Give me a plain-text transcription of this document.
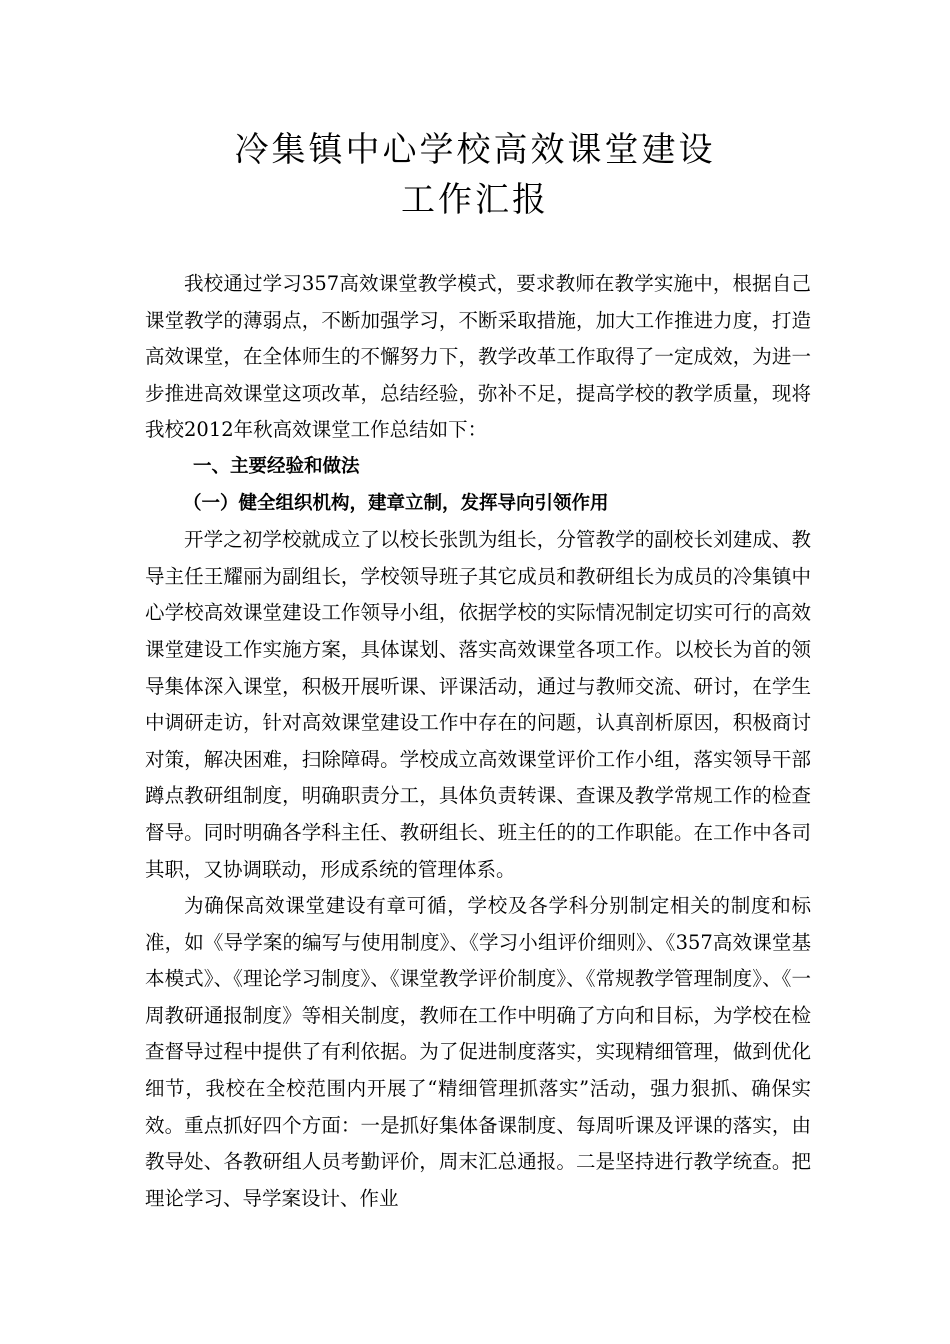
冷集镇中心学校高效课堂建设
工作汇报

我校通过学习357高效课堂教学模式，要求教师在教学实施中，根据自己课堂教学的薄弱点，不断加强学习，不断采取措施，加大工作推进力度，打造高效课堂，在全体师生的不懈努力下，教学改革工作取得了一定成效，为进一步推进高效课堂这项改革，总结经验，弥补不足，提高学校的教学质量，现将我校2012年秋高效课堂工作总结如下：

一、主要经验和做法
（一）健全组织机构，建章立制，发挥导向引领作用

开学之初学校就成立了以校长张凯为组长，分管教学的副校长刘建成、教导主任王耀丽为副组长，学校领导班子其它成员和教研组长为成员的冷集镇中心学校高效课堂建设工作领导小组，依据学校的实际情况制定切实可行的高效课堂建设工作实施方案，具体谋划、落实高效课堂各项工作。以校长为首的领导集体深入课堂，积极开展听课、评课活动，通过与教师交流、研讨，在学生中调研走访，针对高效课堂建设工作中存在的问题，认真剖析原因，积极商讨对策，解决困难，扫除障碍。学校成立高效课堂评价工作小组，落实领导干部蹲点教研组制度，明确职责分工，具体负责转课、查课及教学常规工作的检查督导。同时明确各学科主任、教研组长、班主任的的工作职能。在工作中各司其职，又协调联动，形成系统的管理体系。

为确保高效课堂建设有章可循，学校及各学科分别制定相关的制度和标准，如《导学案的编写与使用制度》、《学习小组评价细则》、《357高效课堂基本模式》、《理论学习制度》、《课堂教学评价制度》、《常规教学管理制度》、《一周教研通报制度》等相关制度，教师在工作中明确了方向和目标，为学校在检查督导过程中提供了有利依据。为了促进制度落实，实现精细管理，做到优化细节，我校在全校范围内开展了“精细管理抓落实”活动，强力狠抓、确保实效。重点抓好四个方面：一是抓好集体备课制度、每周听课及评课的落实，由教导处、各教研组人员考勤评价，周末汇总通报。二是坚持进行教学统查。把理论学习、导学案设计、作业
